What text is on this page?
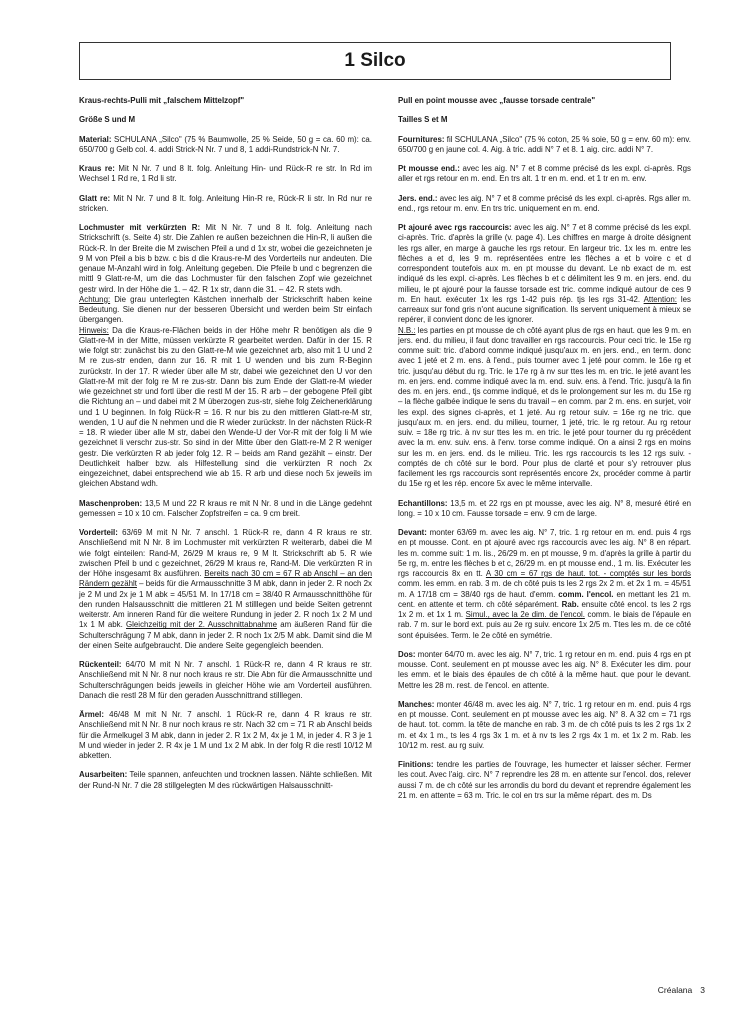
1 Silco

Kraus-rechts-Pulli mit „falschem Mittelzopf"

Größe S und M

Material: SCHULANA „Silco" (75 % Baumwolle, 25 % Seide, 50 g = ca. 60 m): ca. 650/700 g Gelb col. 4. addi Strick-N Nr. 7 und 8, 1 addi-Rundstrick-N Nr. 7.

Kraus re: Mit N Nr. 7 und 8 lt. folg. Anleitung Hin- und Rück-R re str. In Rd im Wechsel 1 Rd re, 1 Rd li str.

Glatt re: Mit N Nr. 7 und 8 lt. folg. Anleitung Hin-R re, Rück-R li str. In Rd nur re stricken.

Lochmuster mit verkürzten R: Mit N Nr. 7 und 8 lt. folg. Anleitung nach Strickschrift (s. Seite 4) str. Die Zahlen re außen bezeichnen die Hin-R, li außen die Rück-R. In der Breite die M zwischen Pfeil a und d 1x str, wobei die gezeichneten je 9 M von Pfeil a bis b bzw. c bis d die Kraus-re-M des Vorderteils nur andeuten. Die genaue M-Anzahl wird in folg. Anleitung gegeben. Die Pfeile b und c begrenzen die mittl 9 Glatt-re-M, um die das Lochmuster für den falschen Zopf wie gezeichnet gestr wird. In der Höhe die 1. – 42. R 1x str, dann die 31. – 42. R stets wdh.
Achtung: Die grau unterlegten Kästchen innerhalb der Strickschrift haben keine Bedeutung. Sie dienen nur der besseren Übersicht und werden beim Str einfach übergangen.
Hinweis: Da die Kraus-re-Flächen beids in der Höhe mehr R benötigen als die 9 Glatt-re-M in der Mitte, müssen verkürzte R gearbeitet werden. Dafür in der 15. R wie folgt str: zunächst bis zu den Glatt-re-M wie gezeichnet arb, also mit 1 U und 2 M re zus-str enden, dann zur 16. R mit 1 U wenden und bis zum R-Beginn zurückstr. In der 17. R wieder über alle M str, dabei wie gezeichnet den U vor den Glatt-re-M mit der folg re M re zus-str. Dann bis zum Ende der Glatt-re-M wieder wie gezeichnet str und fortl über die restl M der 15. R arb – der gebogene Pfeil gibt die Richtung an – und dabei mit 2 M überzogen zus-str, siehe folg Zeichenerklärung und 1 U beginnen. In folg Rück-R = 16. R nur bis zu den mittleren Glatt-re-M str, wenden, 1 U auf die N nehmen und die R wieder zurückstr. In der nächsten Rück-R = 18. R wieder über alle M str, dabei den Wende-U der Vor-R mit der folg li M wie gezeichnet li verschr zus-str. So sind in der Mitte über den Glatt-re-M 2 R weniger gestr. Die verkürzten R ab jeder folg 12. R – beids am Rand gezählt – einstr. Der Deutlichkeit halber bzw. als Hilfestellung sind die verkürzten R noch 2x eingezeichnet, dabei entsprechend wie ab 15. R arb und diese noch 5x jeweils im gleichen Abstand wdh.

Maschenproben: 13,5 M und 22 R kraus re mit N Nr. 8 und in die Länge gedehnt gemessen = 10 x 10 cm. Falscher Zopfstreifen = ca. 9 cm breit.

Vorderteil: 63/69 M mit N Nr. 7 anschl. 1 Rück-R re, dann 4 R kraus re str. Anschließend mit N Nr. 8 im Lochmuster mit verkürzten R weiterarb, dabei die M wie folgt einteilen: Rand-M, 26/29 M kraus re, 9 M lt. Strickschrift ab 5. R wie zwischen Pfeil b und c gezeichnet, 26/29 M kraus re, Rand-M. Die verkürzten R in der Höhe insgesamt 8x ausführen. Bereits nach 30 cm = 67 R ab Anschl – an den Rändern gezählt – beids für die Armausschnitte 3 M abk, dann in jeder 2. R noch 2x je 2 M und 2x je 1 M abk = 45/51 M. In 17/18 cm = 38/40 R Armausschnitthöhe für den runden Halsausschnitt die mittleren 21 M stilllegen und beide Seiten getrennt weiterstr. Am inneren Rand für die weitere Rundung in jeder 2. R noch 1x 2 M und 1x 1 M abk. Gleichzeitig mit der 2. Ausschnittabnahme am äußeren Rand für die Schulterschrägung 7 M abk, dann in jeder 2. R noch 1x 2/5 M abk. Damit sind die M der einen Seite aufgebraucht. Die andere Seite gegengleich beenden.

Rückenteil: 64/70 M mit N Nr. 7 anschl. 1 Rück-R re, dann 4 R kraus re str. Anschließend mit N Nr. 8 nur noch kraus re str. Die Abn für die Armausschnitte und Schulterschrägungen beids jeweils in gleicher Höhe wie am Vorderteil ausführen. Danach die restl 28 M für den geraden Ausschnittrand stilllegen.

Ärmel: 46/48 M mit N Nr. 7 anschl. 1 Rück-R re, dann 4 R kraus re str. Anschließend mit N Nr. 8 nur noch kraus re str. Nach 32 cm = 71 R ab Anschl beids für die Ärmelkugel 3 M abk, dann in jeder 2. R 1x 2 M, 4x je 1 M, in jeder 4. R 3 je 1 M und wieder in jeder 2. R 4x je 1 M und 1x 2 M abk. In der folg R die restl 10/12 M abketten.

Ausarbeiten: Teile spannen, anfeuchten und trocknen lassen. Nähte schließen. Mit der Rund-N Nr. 7 die 28 stillgelegten M des rückwärtigen Halsausschnitt-

Pull en point mousse avec „fausse torsade centrale"

Tailles S et M

Fournitures: fil SCHULANA „Silco" (75 % coton, 25 % soie, 50 g = env. 60 m): env. 650/700 g en jaune col. 4. Aig. à tric. addi N° 7 et 8. 1 aig. circ. addi N° 7.

Pt mousse end.: avec les aig. N° 7 et 8 comme précisé ds les expl. ci-après. Rgs aller et rgs retour en m. end. En trs alt. 1 tr en m. end. et 1 tr en m. env.

Jers. end.: avec les aig. N° 7 et 8 comme précisé ds les expl. ci-après. Rgs aller m. end., rgs retour m. env. En trs tric. uniquement en m. end.

Pt ajouré avec rgs raccourcis: avec les aig. N° 7 et 8 comme précisé ds les expl. ci-après. Tric. d'après la grille (v. page 4). Les chiffres en marge à droite désignent les rgs aller, en marge à gauche les rgs retour. En largeur tric. 1x les m. entre les flèches a et d, les 9 m. représentées entre les flèches a et b voire c et d correspondent toutefois aux m. en pt mousse du devant. Le nb exact de m. est indiqué ds les expl. ci-après. Les flèches b et c délimitent les 9 m. en jers. end. du milieu, le pt ajouré pour la fausse torsade est tric. comme indiqué autour de ces 9 m. En haut. exécuter 1x les rgs 1-42 puis rép. tjs les rgs 31-42. Attention: les carreaux sur fond gris n'ont aucune signification. Ils servent uniquement à mieux se repérer, il convient donc de les ignorer.
N.B.: les parties en pt mousse de ch côté ayant plus de rgs en haut. que les 9 m. en jers. end. du milieu, il faut donc travailler en rgs raccourcis. Pour ceci tric. le 15e rg comme suit: tric. d'abord comme indiqué jusqu'aux m. en jers. end., en term. donc avec 1 jeté et 2 m. ens. à l'end., puis tourner avec 1 jeté pour comm. le 16e rg et tric. jusqu'au début du rg. Tric. le 17e rg à nv sur ttes les m. en tric. le jeté avant les m. en jers. end. comme indiqué avec la m. end. suiv. ens. à l'end. Tric. jusqu'à la fin des m. en jers. end., tjs comme indiqué, et ds le prolongement sur les m. du 15e rg – la flèche galbée indique le sens du travail – en comm. par 2 m. ens. en surjet, voir les expl. des signes ci-après, et 1 jeté. Au rg retour suiv. = 16e rg ne tric. que jusqu'aux m. en jers. end. du milieu, tourner, 1 jeté, tric. le rg retour. Au rg retour suiv. = 18e rg tric. à nv sur ttes les m. en tric. le jeté pour tourner du rg précédent avec la m. env. suiv. ens. à l'env. torse comme indiqué. On a ainsi 2 rgs en moins sur les m. en jers. end. ds le milieu. Tric. les rgs raccourcis ts les 12 rgs suiv. - comptés de ch côté sur le bord. Pour plus de clarté et pour s'y retrouver plus facilement les rgs raccourcis sont représentés encore 2x, procéder comme à partir du 15e rg et les rép. encore 5x avec le même intervalle.

Echantillons: 13,5 m. et 22 rgs en pt mousse, avec les aig. N° 8, mesuré étiré en long. = 10 x 10 cm. Fausse torsade = env. 9 cm de large.

Devant: monter 63/69 m. avec les aig. N° 7, tric. 1 rg retour en m. end. puis 4 rgs en pt mousse. Cont. en pt ajouré avec rgs raccourcis avec les aig. N° 8 en répart. les m. comme suit: 1 m. lis., 26/29 m. en pt mousse, 9 m. d'après la grille à partir du 5e rg, m. entre les flèches b et c, 26/29 m. en pt mousse end., 1 m. lis. Exécuter les rgs raccourcis 8x en tt. A 30 cm = 67 rgs de haut. tot. - comptés sur les bords comm. les emm. en rab. 3 m. de ch côté puis ts les 2 rgs 2x 2 m. et 2x 1 m. = 45/51 m. A 17/18 cm = 38/40 rgs de haut. d'emm. comm. l'encol. en mettant les 21 m. cent. en attente et term. ch côté séparément. Rab. ensuite côté encol. ts les 2 rgs 1x 2 m. et 1x 1 m. Simul., avec la 2e dim. de l'encol. comm. le biais de l'épaule en rab. 7 m. sur le bord ext. puis au 2e rg suiv. encore 1x 2/5 m. Ttes les m. de ce côté sont épuisées. Term. le 2e côté en symétrie.

Dos: monter 64/70 m. avec les aig. N° 7, tric. 1 rg retour en m. end. puis 4 rgs en pt mousse. Cont. seulement en pt mousse avec les aig. N° 8. Exécuter les dim. pour les emm. et le biais des épaules de ch côté à la même haut. que pour le devant. Mettre les 28 m. rest. de l'encol. en attente.

Manches: monter 46/48 m. avec les aig. N° 7, tric. 1 rg retour en m. end. puis 4 rgs en pt mousse. Cont. seulement en pt mousse avec les aig. N° 8. A 32 cm = 71 rgs de haut. tot. comm. la tête de manche en rab. 3 m. de ch côté puis ts les 2 rgs 1x 2 m. et 4x 1 m., ts les 4 rgs 3x 1 m. et à nv ts les 2 rgs 4x 1 m. et 1x 2 m. Rab. les 10/12 m. rest. au rg suiv.

Finitions: tendre les parties de l'ouvrage, les humecter et laisser sécher. Fermer les cout. Avec l'aig. circ. N° 7 reprendre les 28 m. en attente sur l'encol. dos, relever aussi 7 m. de ch côté sur les arrondis du bord du devant et reprendre également les 21 m. en attente = 63 m. Tric. le col en trs sur la même répart. des m. Ds

Créalana 3
